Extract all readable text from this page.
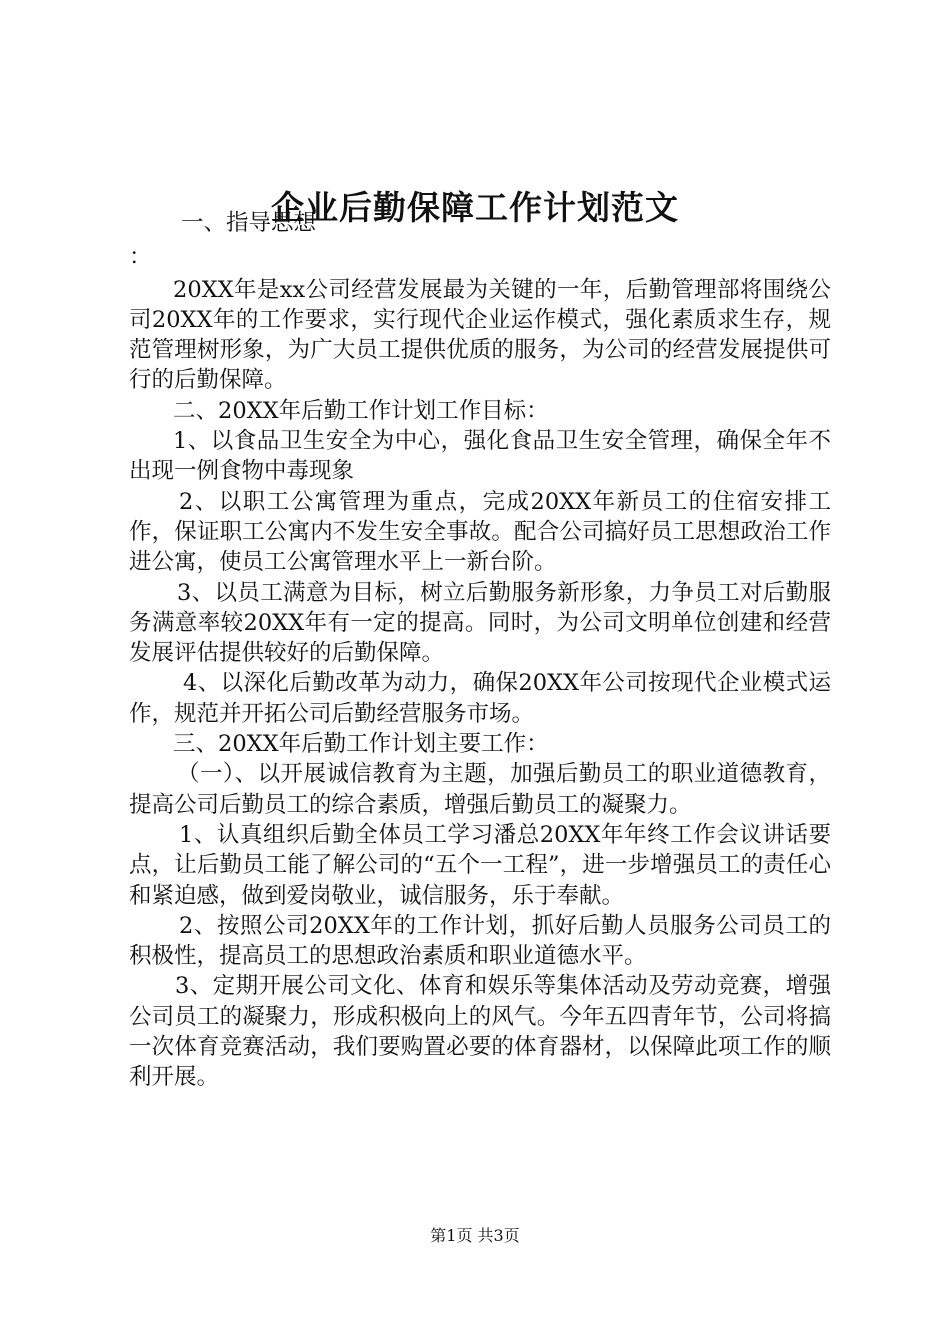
企业后勤保障工作计划范文

一、指导思想

：

20XX年是xx公司经营发展最为关键的一年，后勤管理部将围绕公司20XX年的工作要求，实行现代企业运作模式，强化素质求生存，规范管理树形象，为广大员工提供优质的服务，为公司的经营发展提供可行的后勤保障。

二、20XX年后勤工作计划工作目标：

1、以食品卫生安全为中心，强化食品卫生安全管理，确保全年不出现一例食物中毒现象

2、以职工公寓管理为重点，完成20XX年新员工的住宿安排工作，保证职工公寓内不发生安全事故。配合公司搞好员工思想政治工作进公寓，使员工公寓管理水平上一新台阶。

3、以员工满意为目标，树立后勤服务新形象，力争员工对后勤服务满意率较20XX年有一定的提高。同时，为公司文明单位创建和经营发展评估提供较好的后勤保障。

4、以深化后勤改革为动力，确保20XX年公司按现代企业模式运作，规范并开拓公司后勤经营服务市场。

三、20XX年后勤工作计划主要工作：

（一）、以开展诚信教育为主题，加强后勤员工的职业道德教育，提高公司后勤员工的综合素质，增强后勤员工的凝聚力。

1、认真组织后勤全体员工学习潘总20XX年年终工作会议讲话要点，让后勤员工能了解公司的“五个一工程”，进一步增强员工的责任心和紧迫感，做到爱岗敬业，诚信服务，乐于奉献。

2、按照公司20XX年的工作计划，抓好后勤人员服务公司员工的积极性，提高员工的思想政治素质和职业道德水平。

3、定期开展公司文化、体育和娱乐等集体活动及劳动竞赛，增强公司员工的凝聚力，形成积极向上的风气。今年五四青年节，公司将搞一次体育竞赛活动，我们要购置必要的体育器材，以保障此项工作的顺利开展。

第1页 共3页
